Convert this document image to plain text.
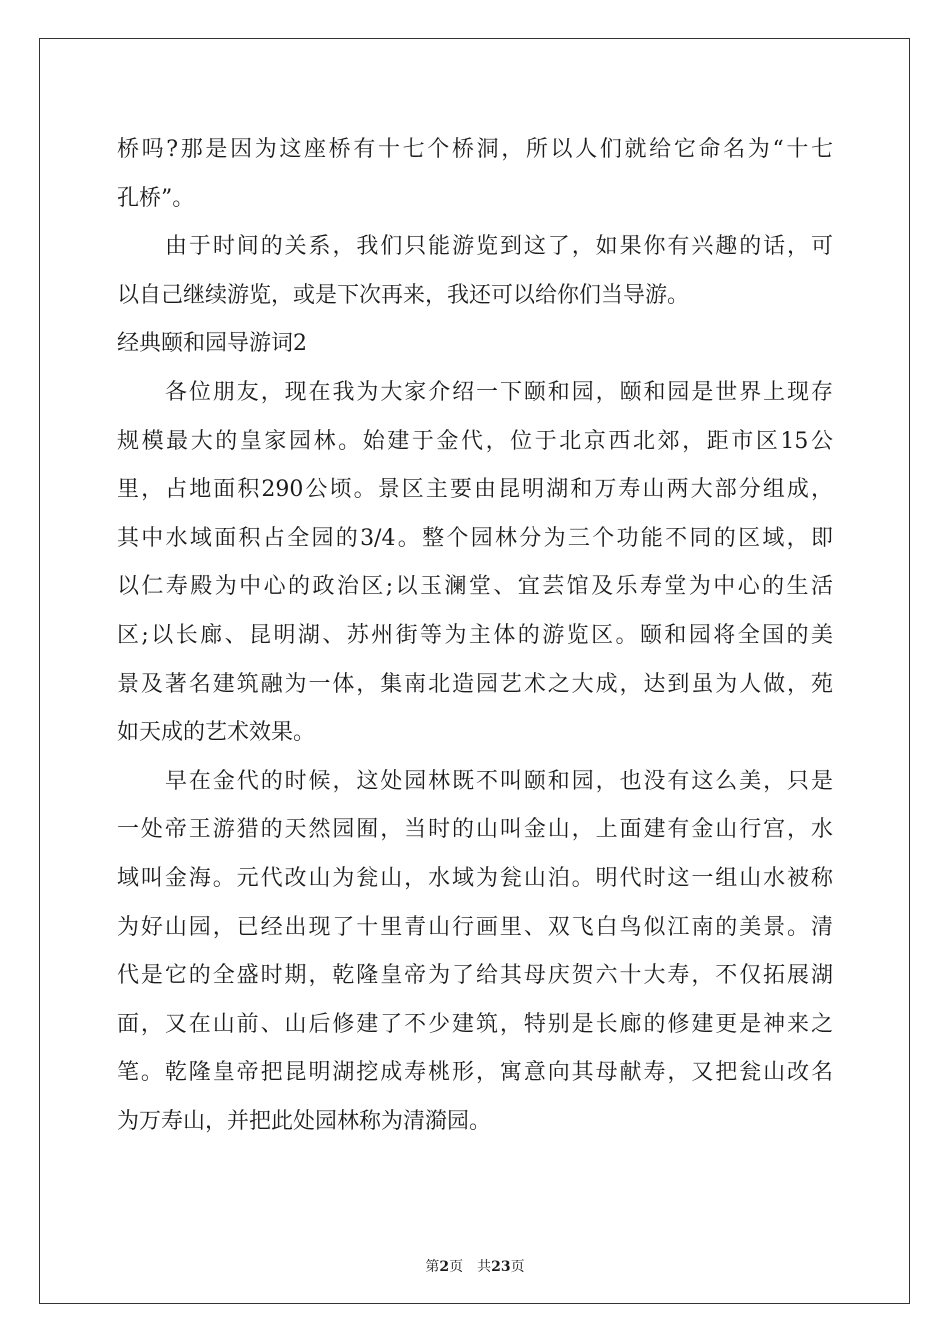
桥吗?那是因为这座桥有十七个桥洞，所以人们就给它命名为“十七
孔桥”。
由于时间的关系，我们只能游览到这了，如果你有兴趣的话，可
以自己继续游览，或是下次再来，我还可以给你们当导游。
经典颐和园导游词2
各位朋友，现在我为大家介绍一下颐和园，颐和园是世界上现存
规模最大的皇家园林。始建于金代，位于北京西北郊，距市区15公
里，占地面积290公顷。景区主要由昆明湖和万寿山两大部分组成，
其中水域面积占全园的3/4。整个园林分为三个功能不同的区域，即
以仁寿殿为中心的政治区;以玉澜堂、宜芸馆及乐寿堂为中心的生活
区;以长廊、昆明湖、苏州街等为主体的游览区。颐和园将全国的美
景及著名建筑融为一体，集南北造园艺术之大成，达到虽为人做，苑
如天成的艺术效果。
早在金代的时候，这处园林既不叫颐和园，也没有这么美，只是
一处帝王游猎的天然园囿，当时的山叫金山，上面建有金山行宫，水
域叫金海。元代改山为瓮山，水域为瓮山泊。明代时这一组山水被称
为好山园，已经出现了十里青山行画里、双飞白鸟似江南的美景。清
代是它的全盛时期，乾隆皇帝为了给其母庆贺六十大寿，不仅拓展湖
面，又在山前、山后修建了不少建筑，特别是长廊的修建更是神来之
笔。乾隆皇帝把昆明湖挖成寿桃形，寓意向其母献寿，又把瓮山改名
为万寿山，并把此处园林称为清漪园。
第2页 共23页
